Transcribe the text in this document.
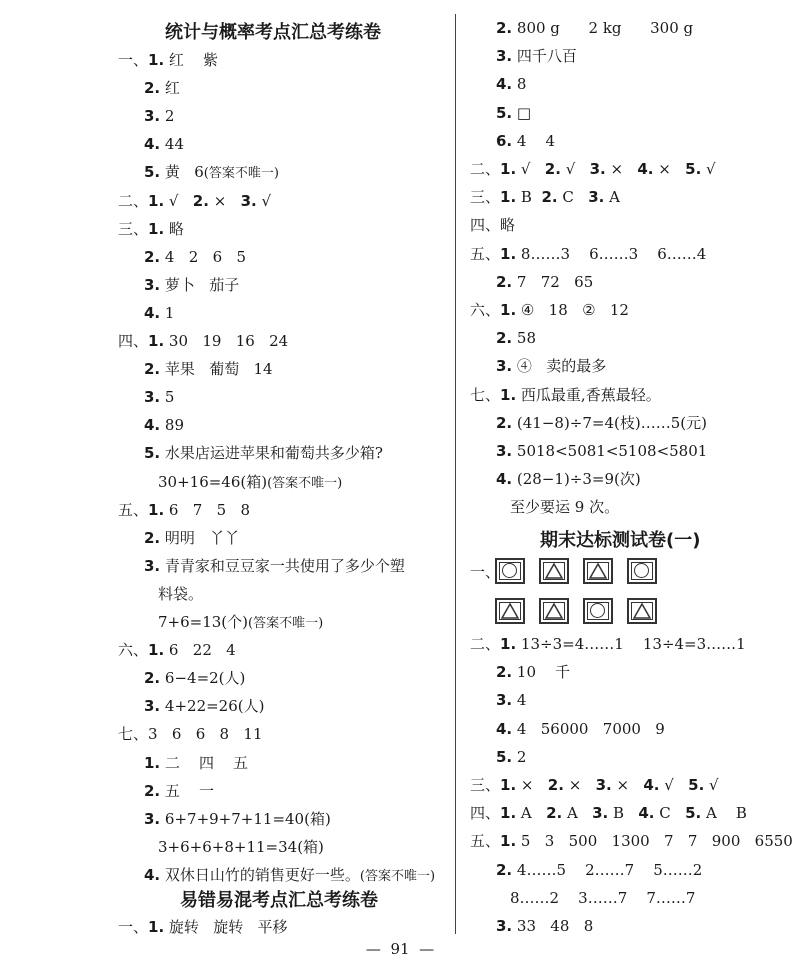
统计与概率考点汇总考练卷
一、1. 红    紫
2. 红
3. 2
4. 44
5. 黄   6(答案不唯一)
二、1. √   2. ×   3. √
三、1. 略
2. 4   2   6   5
3. 萝卜   茄子
4. 1
四、1. 30   19   16   24
2. 苹果   葡萄   14
3. 5
4. 89
5. 水果店运进苹果和葡萄共多少箱?
30+16=46(箱)(答案不唯一)
五、1. 6   7   5   8
2. 明明   丫丫
3. 青青家和豆豆家一共使用了多少个塑
料袋。
7+6=13(个)(答案不唯一)
六、1. 6   22   4
2. 6−4=2(人)
3. 4+22=26(人)
七、3   6   6   8   11
1. 二    四    五
2. 五    一
3. 6+7+9+7+11=40(箱)
3+6+6+8+11=34(箱)
4. 双休日山竹的销售更好一些。(答案不唯一)
易错易混考点汇总考练卷
一、1. 旋转   旋转   平移
2. 800 g      2 kg      300 g
3. 四千八百
4. 8
5. □
6. 4    4
二、1. √   2. √   3. ×   4. ×   5. √
三、1. B  2. C   3. A
四、略
五、1. 8……3    6……3    6……4
2. 7   72   65
六、1. ④   18   ②   12
2. 58
3. ④   卖的最多
七、1. 西瓜最重,香蕉最轻。
2. (41−8)÷7=4(枝)……5(元)
3. 5018<5081<5108<5801
4. (28−1)÷3=9(次)
至少要运 9 次。
期末达标测试卷(一)
一、
二、1. 13÷3=4……1    13÷4=3……1
2. 10    千
3. 4
4. 4   56000   7000   9
5. 2
三、1. ×   2. ×   3. ×   4. √   5. √
四、1. A   2. A   3. B   4. C   5. A    B
五、1. 5   3   500   1300   7   7   900   6550
2. 4……5    2……7    5……2
8……2    3……7    7……7
3. 33   48   8
—  91  —
